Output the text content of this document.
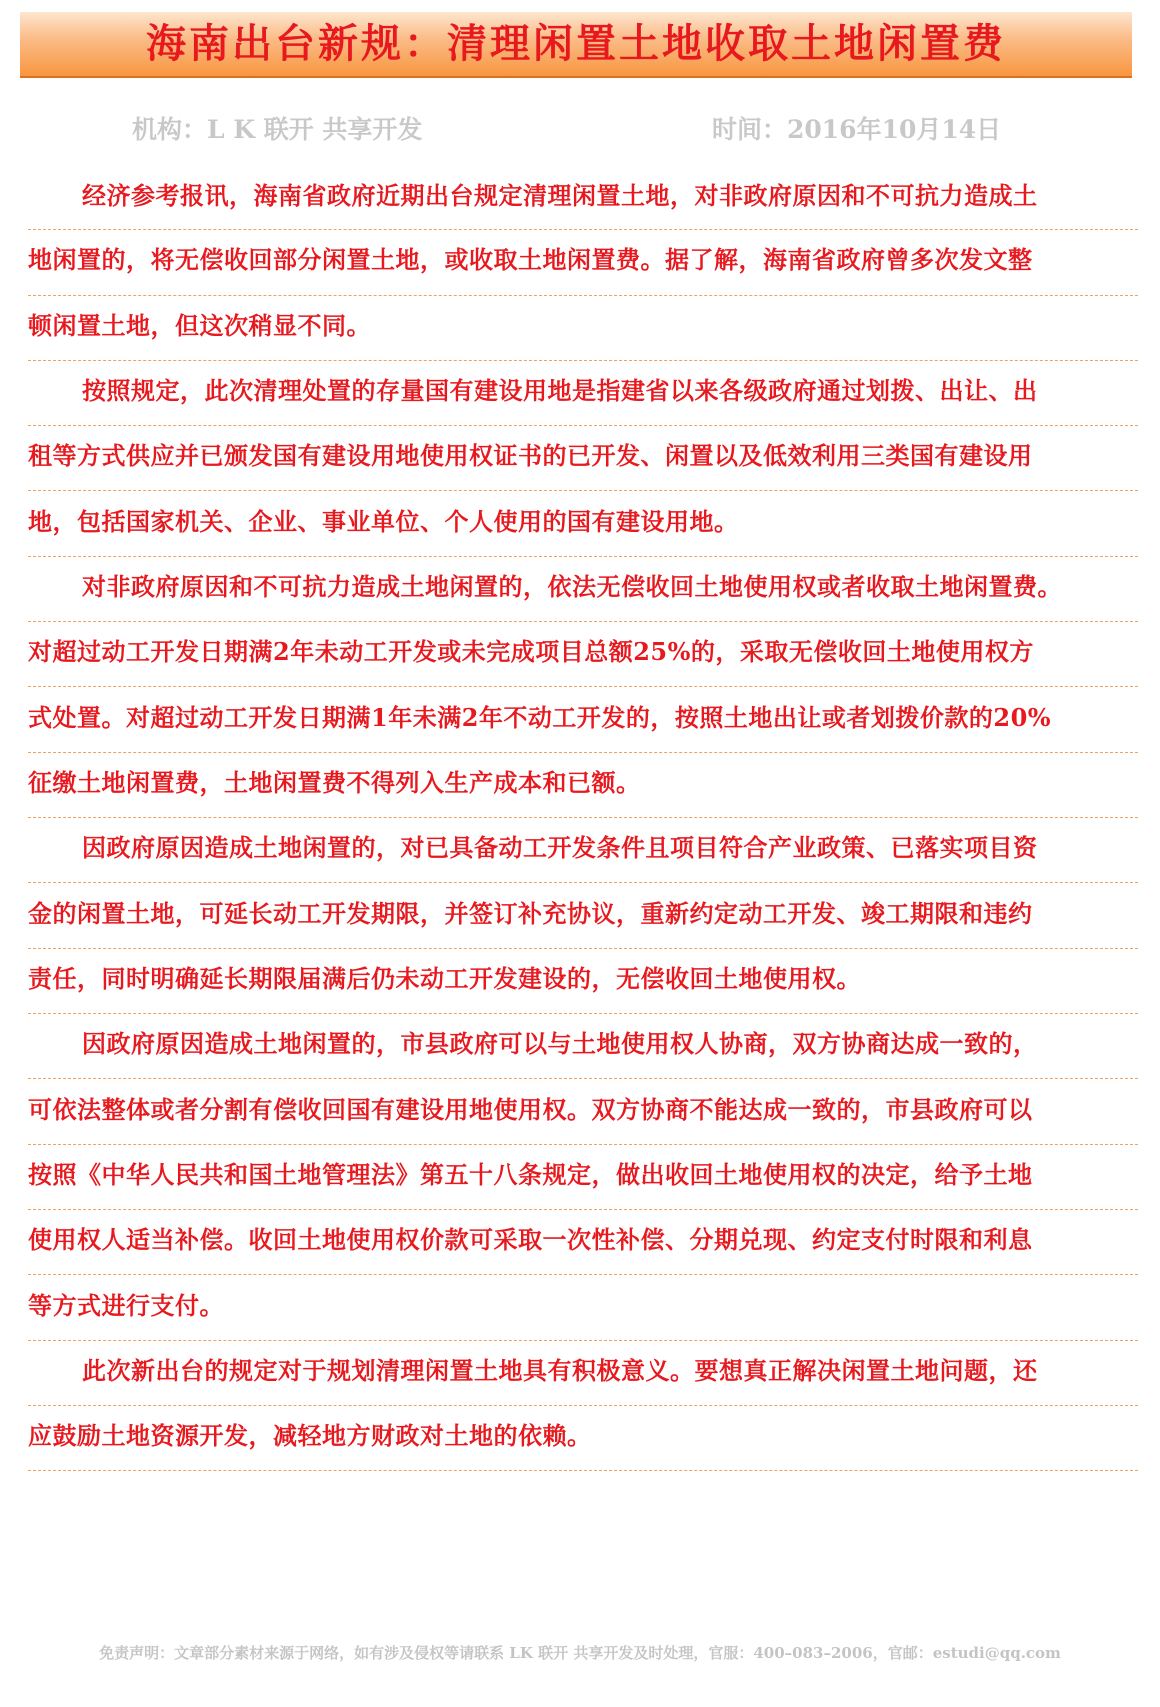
海南出台新规：清理闲置土地收取土地闲置费
机构：L K 联开 共享开发	时间：2016年10月14日
经济参考报讯，海南省政府近期出台规定清理闲置土地，对非政府原因和不可抗力造成土
地闲置的，将无偿收回部分闲置土地，或收取土地闲置费。据了解，海南省政府曾多次发文整
顿闲置土地，但这次稍显不同。
按照规定，此次清理处置的存量国有建设用地是指建省以来各级政府通过划拨、出让、出
租等方式供应并已颁发国有建设用地使用权证书的已开发、闲置以及低效利用三类国有建设用
地，包括国家机关、企业、事业单位、个人使用的国有建设用地。
对非政府原因和不可抗力造成土地闲置的，依法无偿收回土地使用权或者收取土地闲置费。
对超过动工开发日期满2年未动工开发或未完成项目总额25%的，采取无偿收回土地使用权方
式处置。对超过动工开发日期满1年未满2年不动工开发的，按照土地出让或者划拨价款的20%
征缴土地闲置费，土地闲置费不得列入生产成本和已额。
因政府原因造成土地闲置的，对已具备动工开发条件且项目符合产业政策、已落实项目资
金的闲置土地，可延长动工开发期限，并签订补充协议，重新约定动工开发、竣工期限和违约
责任，同时明确延长期限届满后仍未动工开发建设的，无偿收回土地使用权。
因政府原因造成土地闲置的，市县政府可以与土地使用权人协商，双方协商达成一致的，
可依法整体或者分割有偿收回国有建设用地使用权。双方协商不能达成一致的，市县政府可以
按照《中华人民共和国土地管理法》第五十八条规定，做出收回土地使用权的决定，给予土地
使用权人适当补偿。收回土地使用权价款可采取一次性补偿、分期兑现、约定支付时限和利息
等方式进行支付。
此次新出台的规定对于规划清理闲置土地具有积极意义。要想真正解决闲置土地问题，还
应鼓励土地资源开发，减轻地方财政对土地的依赖。
免责声明：文章部分素材来源于网络，如有涉及侵权等请联系 LK 联开 共享开发及时处理，官服：400–083–2006，官邮：estudi@qq.com
